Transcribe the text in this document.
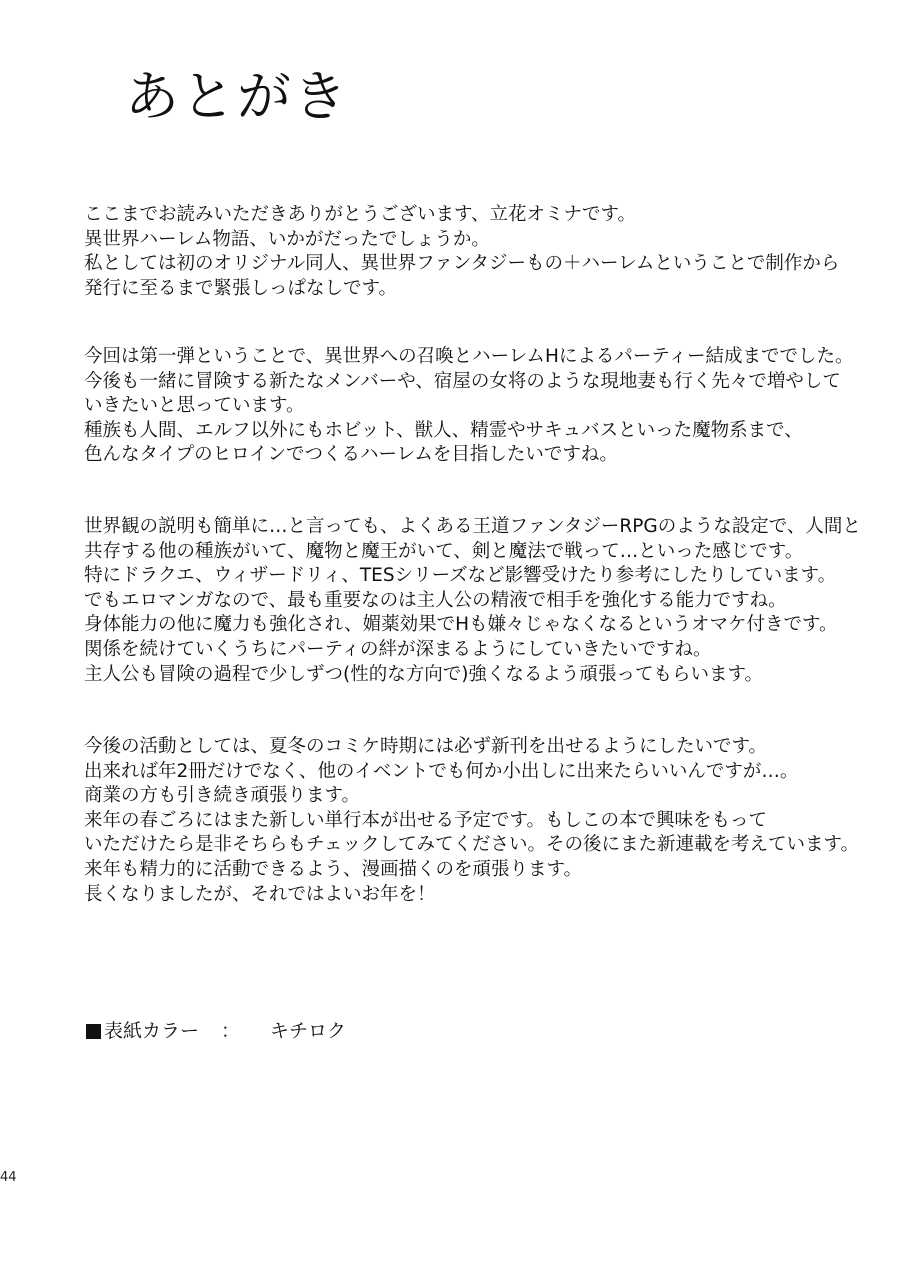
あとがき
ここまでお読みいただきありがとうございます、立花オミナです。
異世界ハーレム物語、いかがだったでしょうか。
私としては初のオリジナル同人、異世界ファンタジーもの＋ハーレムということで制作から
発行に至るまで緊張しっぱなしです。
今回は第一弾ということで、異世界への召喚とハーレムHによるパーティー結成まででした。
今後も一緒に冒険する新たなメンバーや、宿屋の女将のような現地妻も行く先々で増やして
いきたいと思っています。
種族も人間、エルフ以外にもホビット、獣人、精霊やサキュバスといった魔物系まで、
色んなタイプのヒロインでつくるハーレムを目指したいですね。
世界観の説明も簡単に…と言っても、よくある王道ファンタジーRPGのような設定で、人間と
共存する他の種族がいて、魔物と魔王がいて、剣と魔法で戦って…といった感じです。
特にドラクエ、ウィザードリィ、TESシリーズなど影響受けたり参考にしたりしています。
でもエロマンガなので、最も重要なのは主人公の精液で相手を強化する能力ですね。
身体能力の他に魔力も強化され、媚薬効果でHも嫌々じゃなくなるというオマケ付きです。
関係を続けていくうちにパーティの絆が深まるようにしていきたいですね。
主人公も冒険の過程で少しずつ(性的な方向で)強くなるよう頑張ってもらいます。
今後の活動としては、夏冬のコミケ時期には必ず新刊を出せるようにしたいです。
出来れば年2冊だけでなく、他のイベントでも何か小出しに出来たらいいんですが…。
商業の方も引き続き頑張ります。
来年の春ごろにはまた新しい単行本が出せる予定です。もしこの本で興味をもって
いただけたら是非そちらもチェックしてみてください。その後にまた新連載を考えています。
来年も精力的に活動できるよう、漫画描くのを頑張ります。
長くなりましたが、それではよいお年を！
表紙カラー ： キチロク
44
